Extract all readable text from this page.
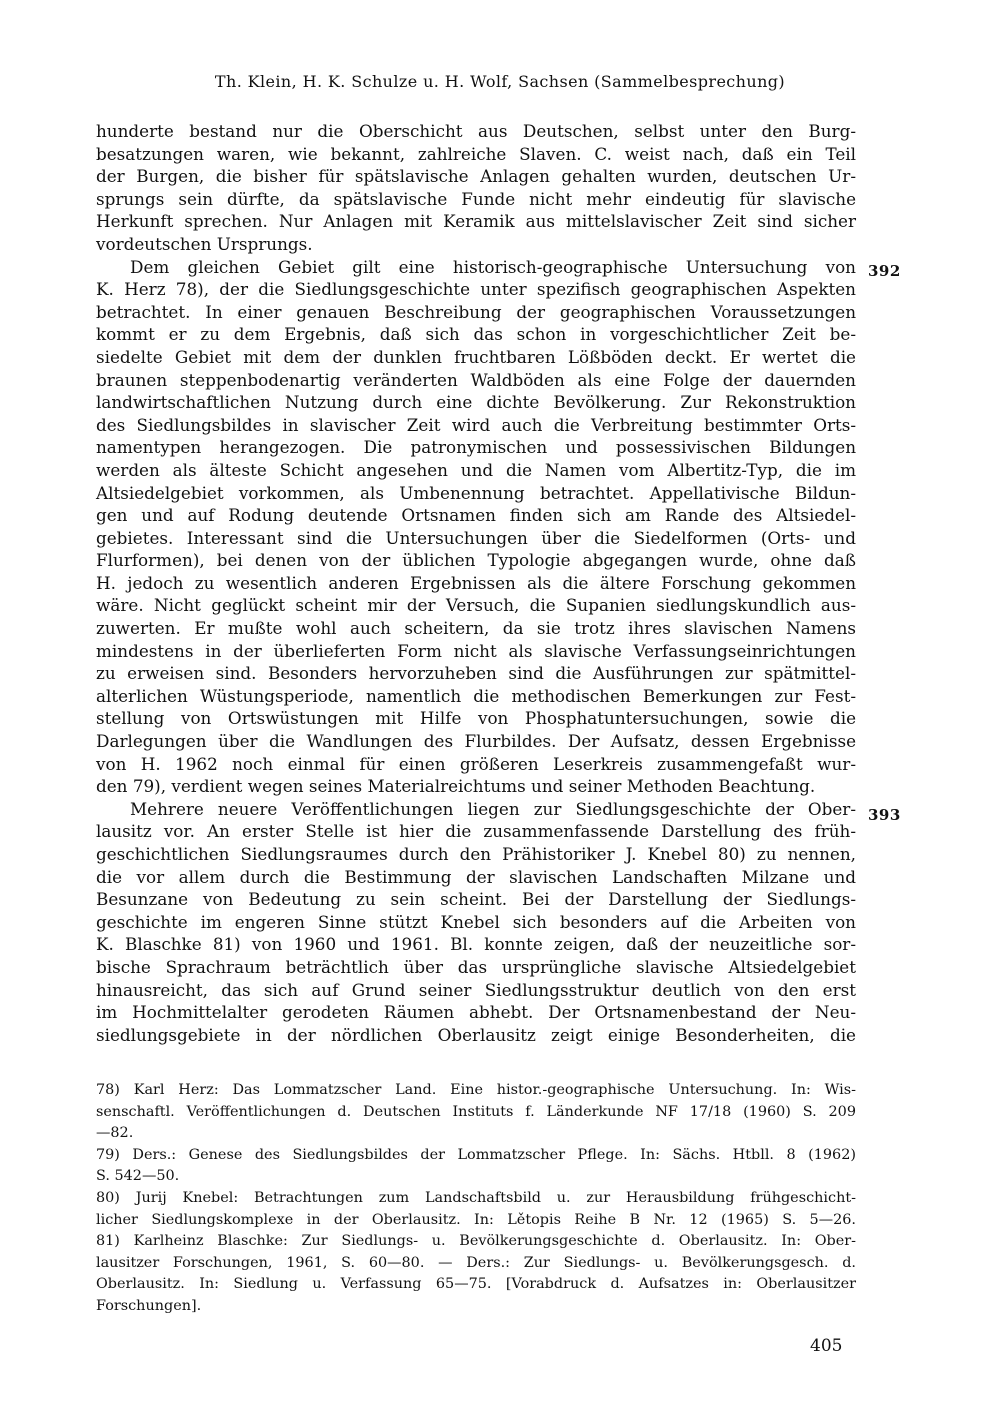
Th. Klein, H. K. Schulze u. H. Wolf, Sachsen (Sammelbesprechung)
hunderte bestand nur die Oberschicht aus Deutschen, selbst unter den Burg-
besatzungen waren, wie bekannt, zahlreiche Slaven. C. weist nach, daß ein Teil
der Burgen, die bisher für spätslavische Anlagen gehalten wurden, deutschen Ur-
sprungs sein dürfte, da spätslavische Funde nicht mehr eindeutig für slavische
Herkunft sprechen. Nur Anlagen mit Keramik aus mittelslavischer Zeit sind sicher
vordeutschen Ursprungs.
Dem gleichen Gebiet gilt eine historisch-geographische Untersuchung von
K. Herz 78), der die Siedlungsgeschichte unter spezifisch geographischen Aspekten
betrachtet. In einer genauen Beschreibung der geographischen Voraussetzungen
kommt er zu dem Ergebnis, daß sich das schon in vorgeschichtlicher Zeit be-
siedelte Gebiet mit dem der dunklen fruchtbaren Lößböden deckt. Er wertet die
braunen steppenbodenartig veränderten Waldböden als eine Folge der dauernden
landwirtschaftlichen Nutzung durch eine dichte Bevölkerung. Zur Rekonstruktion
des Siedlungsbildes in slavischer Zeit wird auch die Verbreitung bestimmter Orts-
namentypen herangezogen. Die patronymischen und possessivischen Bildungen
werden als älteste Schicht angesehen und die Namen vom Albertitz-Typ, die im
Altsiedelgebiet vorkommen, als Umbenennung betrachtet. Appellativische Bildun-
gen und auf Rodung deutende Ortsnamen finden sich am Rande des Altsiedel-
gebietes. Interessant sind die Untersuchungen über die Siedelformen (Orts- und
Flurformen), bei denen von der üblichen Typologie abgegangen wurde, ohne daß
H. jedoch zu wesentlich anderen Ergebnissen als die ältere Forschung gekommen
wäre. Nicht geglückt scheint mir der Versuch, die Supanien siedlungskundlich aus-
zuwerten. Er mußte wohl auch scheitern, da sie trotz ihres slavischen Namens
mindestens in der überlieferten Form nicht als slavische Verfassungseinrichtungen
zu erweisen sind. Besonders hervorzuheben sind die Ausführungen zur spätmittel-
alterlichen Wüstungsperiode, namentlich die methodischen Bemerkungen zur Fest-
stellung von Ortswüstungen mit Hilfe von Phosphatuntersuchungen, sowie die
Darlegungen über die Wandlungen des Flurbildes. Der Aufsatz, dessen Ergebnisse
von H. 1962 noch einmal für einen größeren Leserkreis zusammengefaßt wur-
den 79), verdient wegen seines Materialreichtums und seiner Methoden Beachtung.
Mehrere neuere Veröffentlichungen liegen zur Siedlungsgeschichte der Ober-
lausitz vor. An erster Stelle ist hier die zusammenfassende Darstellung des früh-
geschichtlichen Siedlungsraumes durch den Prähistoriker J. Knebel 80) zu nennen,
die vor allem durch die Bestimmung der slavischen Landschaften Milzane und
Besunzane von Bedeutung zu sein scheint. Bei der Darstellung der Siedlungs-
geschichte im engeren Sinne stützt Knebel sich besonders auf die Arbeiten von
K. Blaschke 81) von 1960 und 1961. Bl. konnte zeigen, daß der neuzeitliche sor-
bische Sprachraum beträchtlich über das ursprüngliche slavische Altsiedelgebiet
hinausreicht, das sich auf Grund seiner Siedlungsstruktur deutlich von den erst
im Hochmittelalter gerodeten Räumen abhebt. Der Ortsnamenbestand der Neu-
siedlungsgebiete in der nördlichen Oberlausitz zeigt einige Besonderheiten, die
392
393
78) Karl Herz: Das Lommatzscher Land. Eine histor.-geographische Untersuchung. In: Wis-
senschaftl. Veröffentlichungen d. Deutschen Instituts f. Länderkunde NF 17/18 (1960) S. 209
—82.
79) Ders.: Genese des Siedlungsbildes der Lommatzscher Pflege. In: Sächs. Htbll. 8 (1962)
S. 542—50.
80) Jurij Knebel: Betrachtungen zum Landschaftsbild u. zur Herausbildung frühgeschicht-
licher Siedlungskomplexe in der Oberlausitz. In: Lětopis Reihe B Nr. 12 (1965) S. 5—26.
81) Karlheinz Blaschke: Zur Siedlungs- u. Bevölkerungsgeschichte d. Oberlausitz. In: Ober-
lausitzer Forschungen, 1961, S. 60—80. — Ders.: Zur Siedlungs- u. Bevölkerungsgesch. d.
Oberlausitz. In: Siedlung u. Verfassung 65—75. [Vorabdruck d. Aufsatzes in: Oberlausitzer
Forschungen].
405
